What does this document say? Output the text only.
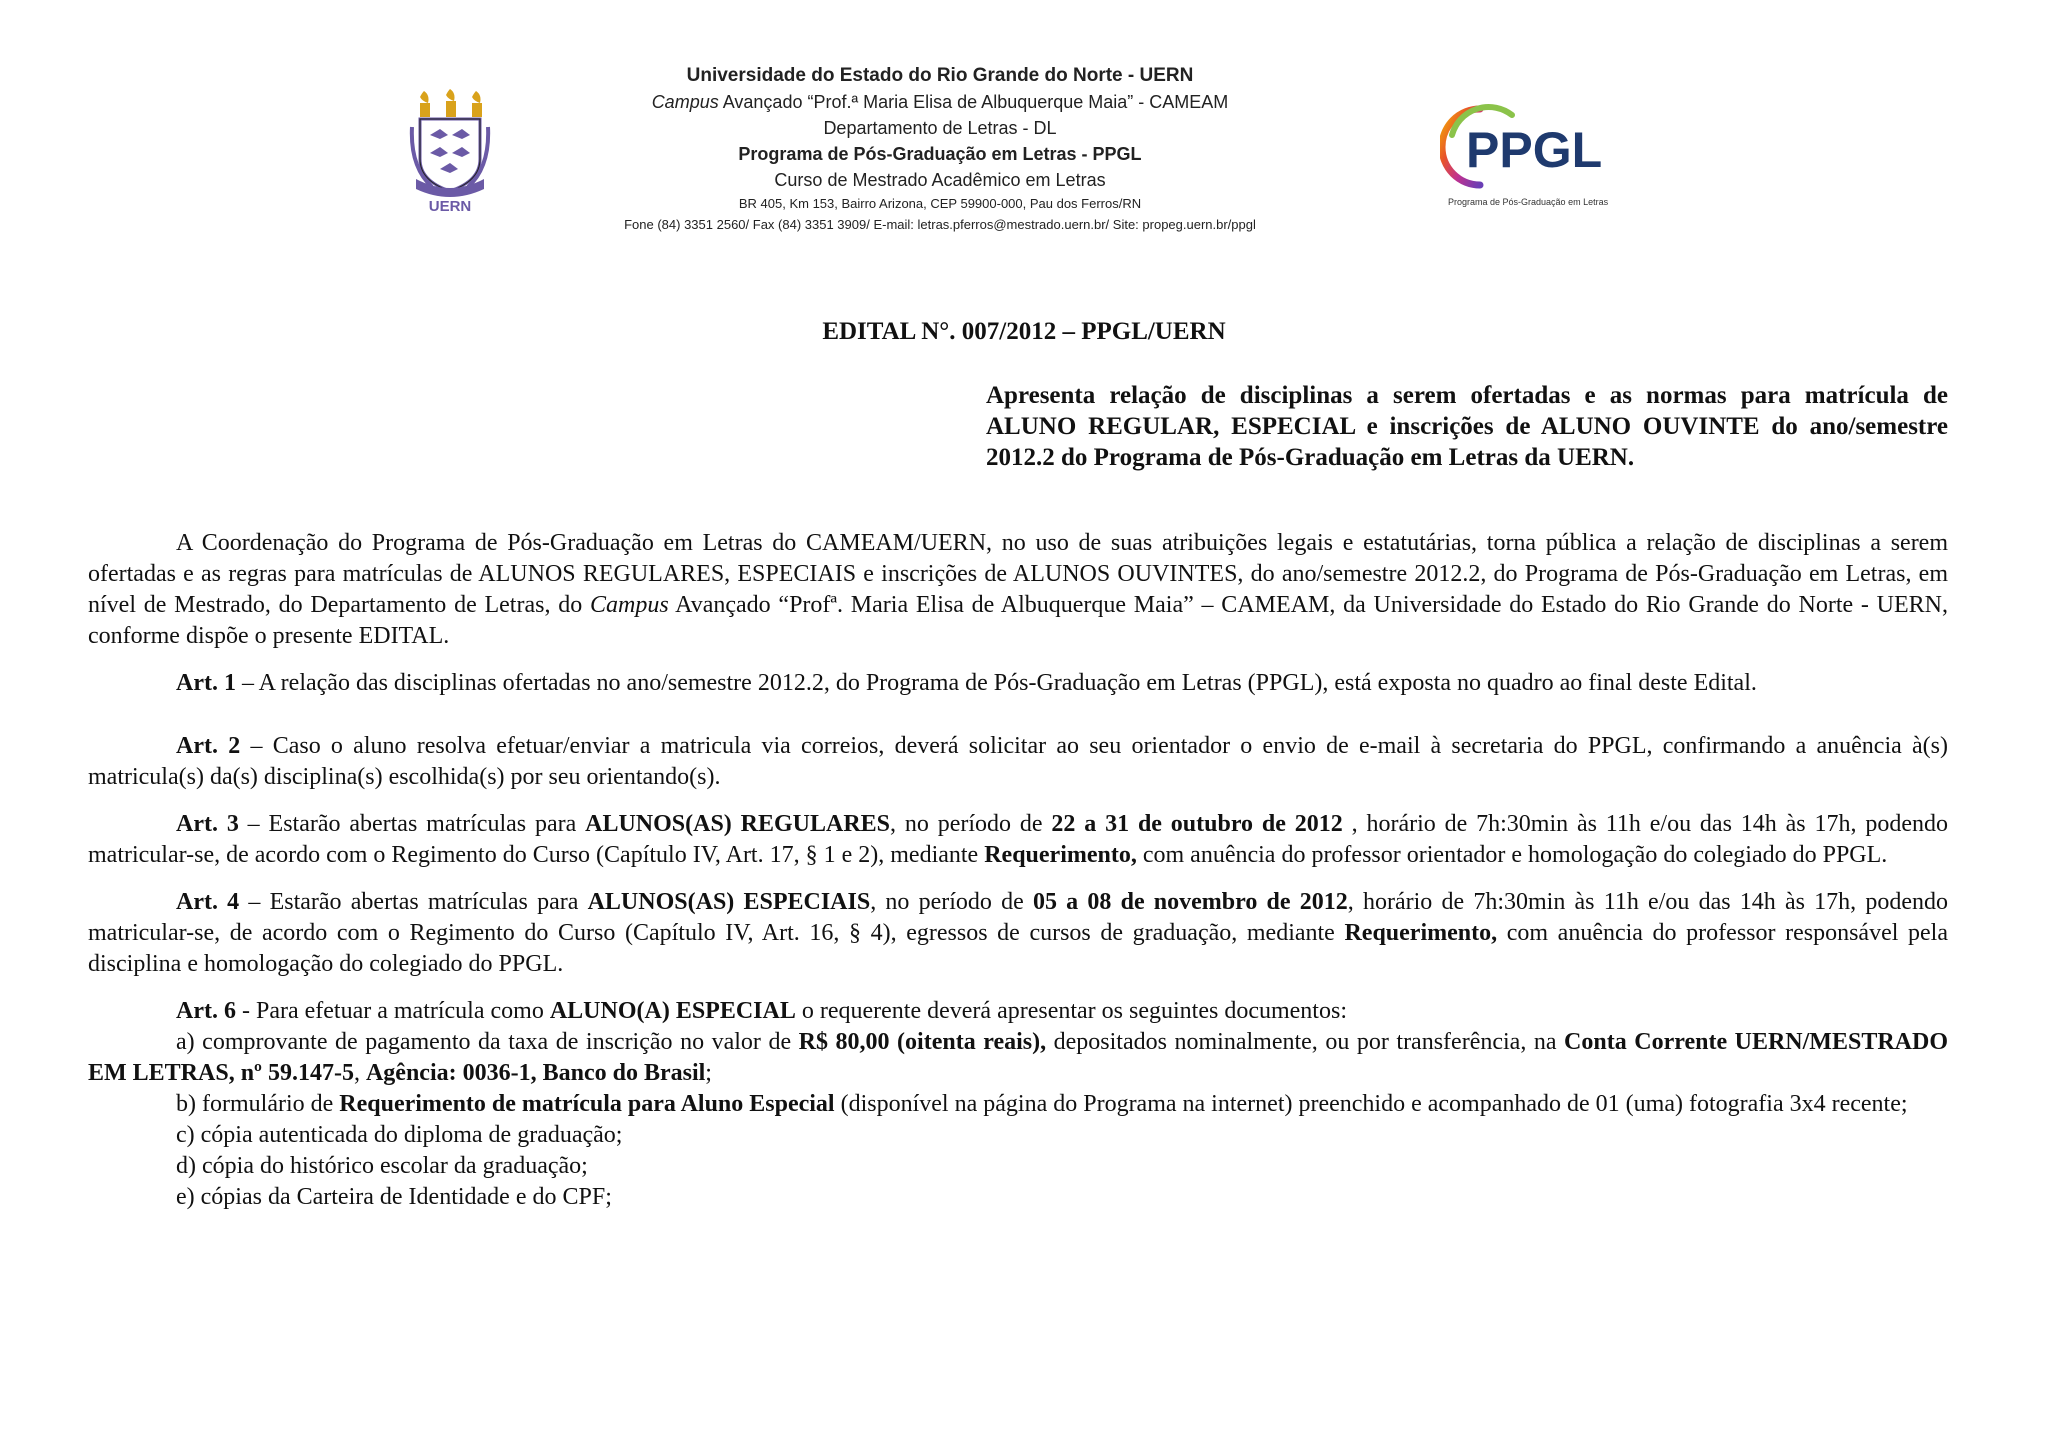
UERN
Universidade do Estado do Rio Grande do Norte - UERN
Campus Avançado “Prof.ª Maria Elisa de Albuquerque Maia” - CAMEAM
Departamento de Letras - DL
Programa de Pós-Graduação em Letras - PPGL
Curso de Mestrado Acadêmico em Letras
BR 405, Km 153, Bairro Arizona, CEP 59900-000, Pau dos Ferros/RN
Fone (84) 3351 2560/ Fax (84) 3351 3909/ E-mail: letras.pferros@mestrado.uern.br/ Site: propeg.uern.br/ppgl
PPGL
Programa de Pós-Graduação em Letras
EDITAL N°. 007/2012 – PPGL/UERN
Apresenta relação de disciplinas a serem ofertadas e as normas para matrícula de ALUNO REGULAR, ESPECIAL e inscrições de ALUNO OUVINTE do ano/semestre 2012.2 do Programa de Pós-Graduação em Letras da UERN.

A Coordenação do Programa de Pós-Graduação em Letras do CAMEAM/UERN, no uso de suas atribuições legais e estatutárias, torna pública a relação de disciplinas a serem ofertadas e as regras para matrículas de ALUNOS REGULARES, ESPECIAIS e inscrições de ALUNOS OUVINTES, do ano/semestre 2012.2, do Programa de Pós-Graduação em Letras, em nível de Mestrado, do Departamento de Letras, do Campus Avançado “Profª. Maria Elisa de Albuquerque Maia” – CAMEAM, da Universidade do Estado do Rio Grande do Norte - UERN, conforme dispõe o presente EDITAL.

Art. 1 – A relação das disciplinas ofertadas no ano/semestre 2012.2, do Programa de Pós-Graduação em Letras (PPGL), está exposta no quadro ao final deste Edital.

Art. 2 – Caso o aluno resolva efetuar/enviar a matricula via correios, deverá solicitar ao seu orientador o envio de e-mail à secretaria do PPGL, confirmando a anuência à(s) matricula(s) da(s) disciplina(s) escolhida(s) por seu orientando(s).

Art. 3 – Estarão abertas matrículas para ALUNOS(AS) REGULARES, no período de 22 a 31 de outubro de 2012 , horário de 7h:30min às 11h e/ou das 14h às 17h, podendo matricular-se, de acordo com o Regimento do Curso (Capítulo IV, Art. 17, § 1 e 2), mediante Requerimento, com anuência do professor orientador e homologação do colegiado do PPGL.

Art. 4 – Estarão abertas matrículas para ALUNOS(AS) ESPECIAIS, no período de 05 a 08 de novembro de 2012, horário de 7h:30min às 11h e/ou das 14h às 17h, podendo matricular-se, de acordo com o Regimento do Curso (Capítulo IV, Art. 16, § 4), egressos de cursos de graduação, mediante Requerimento, com anuência do professor responsável pela disciplina e homologação do colegiado do PPGL.

Art. 6 - Para efetuar a matrícula como ALUNO(A) ESPECIAL o requerente deverá apresentar os seguintes documentos:

a) comprovante de pagamento da taxa de inscrição no valor de R$ 80,00 (oitenta reais), depositados nominalmente, ou por transferência, na Conta Corrente UERN/MESTRADO EM LETRAS, nº 59.147-5, Agência: 0036-1, Banco do Brasil;

b) formulário de Requerimento de matrícula para Aluno Especial (disponível na página do Programa na internet) preenchido e acompanhado de 01 (uma) fotografia 3x4 recente;

c) cópia autenticada do diploma de graduação;

d) cópia do histórico escolar da graduação;

e) cópias da Carteira de Identidade e do CPF;
